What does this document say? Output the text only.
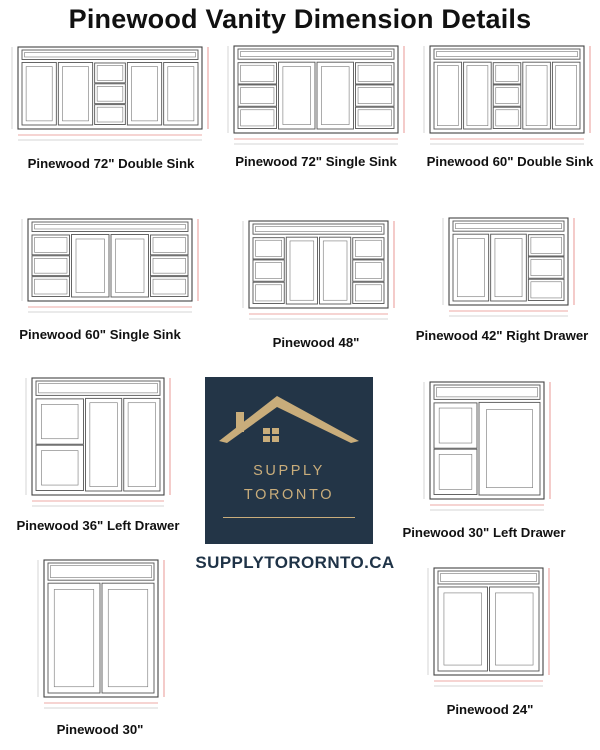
Pinewood Vanity Dimension Details
Pinewood 72" Double Sink	Pinewood 72" Single Sink	Pinewood 60" Double Sink
Pinewood 60" Single Sink
Pinewood 48"	Pinewood 42" Right Drawer
Pinewood 36" Left Drawer	Pinewood 30" Left Drawer
Pinewood 30"
Pinewood 24"
SUPPLY
TORONTO
SUPPLYTORORNTO.CA
